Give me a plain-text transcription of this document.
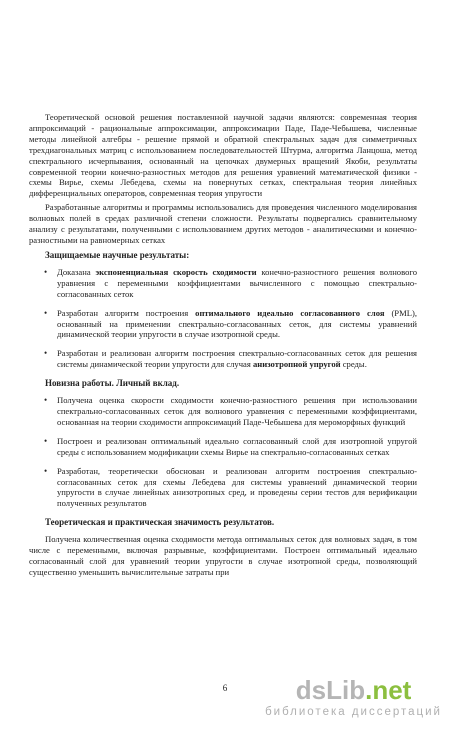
Теоретической основой решения поставленной научной задачи являются: современная теория аппроксимаций - рациональные аппроксимации, аппроксимации Паде, Паде-Чебышева, численные методы линейной алгебры - решение прямой и обратной спектральных задач для симметричных трехдиагональных матриц с использованием последовательностей Штурма, алгоритма Ланцоша, метод спектрального исчерпывания, основанный на цепочках двумерных вращений Якоби, результаты современной теории конечно-разностных методов для решения уравнений математической физики - схемы Вирье, схемы Лебедева, схемы на повернутых сетках, спектральная теория линейных дифференциальных операторов, современная теория упругости

Разработанные алгоритмы и программы использовались для проведения численного моделирования волновых полей в средах различной степени сложности. Результаты подвергались сравнительному анализу с результатами, полученными с использованием других методов - аналитическими и конечно-разностными на равномерных сетках

Защищаемые научные результаты:
• Доказана экспоненциальная скорость сходимости конечно-разностного решения волнового уравнения с переменными коэффициентами вычисленного с помощью спектрально-согласованных сеток
• Разработан алгоритм построения оптимального идеально согласованного слоя (PML), основанный на применении спектрально-согласованных сеток, для системы уравнений динамической теории упругости в случае изотропной среды.
• Разработан и реализован алгоритм построения спектрально-согласованных сеток для решения системы динамической теории упругости для случая анизотропной упругой среды.
Новизна работы. Личный вклад.
• Получена оценка скорости сходимости конечно-разностного решения при использовании спектрально-согласованных сеток для волнового уравнения с переменными коэффициентами, основанная на теории сходимости аппроксимаций Паде-Чебышева для мероморфных функций
• Построен и реализован оптимальный идеально согласованный слой для изотропной упругой среды с использованием модификации схемы Вирье на спектрально-согласованных сетках
• Разработан, теоретически обоснован и реализован алгоритм построения спектрально-согласованных сеток для схемы Лебедева для системы уравнений динамической теории упругости в случае линейных анизотропных сред, и проведены серии тестов для верификации полученных результатов
Теоретическая и практическая значимость результатов.

Получена количественная оценка сходимости метода оптимальных сеток для волновых задач, в том числе с переменными, включая разрывные, коэффициентами. Построен оптимальный идеально согласованный слой для уравнений теории упругости в случае изотропной среды, позволяющий существенно уменьшить вычислительные затраты при

6	dsLib.net
библиотека диссертаций
